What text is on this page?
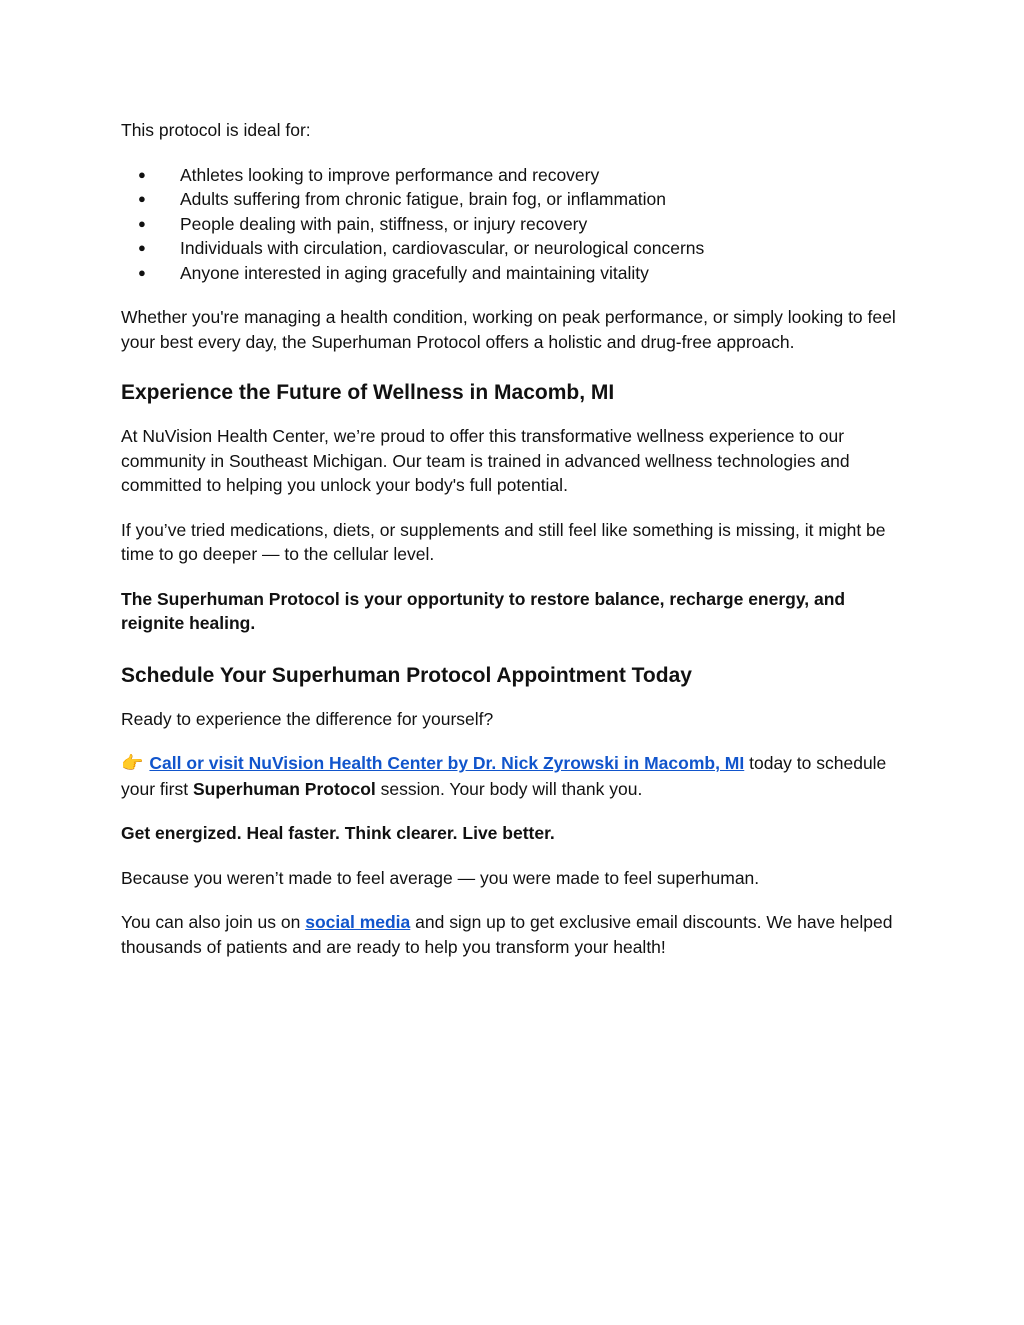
This protocol is ideal for:

● Athletes looking to improve performance and recovery
● Adults suffering from chronic fatigue, brain fog, or inflammation
● People dealing with pain, stiffness, or injury recovery
● Individuals with circulation, cardiovascular, or neurological concerns
● Anyone interested in aging gracefully and maintaining vitality

Whether you're managing a health condition, working on peak performance, or simply looking to feel your best every day, the Superhuman Protocol offers a holistic and drug-free approach.

Experience the Future of Wellness in Macomb, MI

At NuVision Health Center, we’re proud to offer this transformative wellness experience to our community in Southeast Michigan. Our team is trained in advanced wellness technologies and committed to helping you unlock your body's full potential.

If you’ve tried medications, diets, or supplements and still feel like something is missing, it might be time to go deeper — to the cellular level.

The Superhuman Protocol is your opportunity to restore balance, recharge energy, and reignite healing.

Schedule Your Superhuman Protocol Appointment Today

Ready to experience the difference for yourself?

👉 Call or visit NuVision Health Center by Dr. Nick Zyrowski in Macomb, MI today to schedule your first Superhuman Protocol session. Your body will thank you.

Get energized. Heal faster. Think clearer. Live better.

Because you weren’t made to feel average — you were made to feel superhuman.

You can also join us on social media and sign up to get exclusive email discounts. We have helped thousands of patients and are ready to help you transform your health!
